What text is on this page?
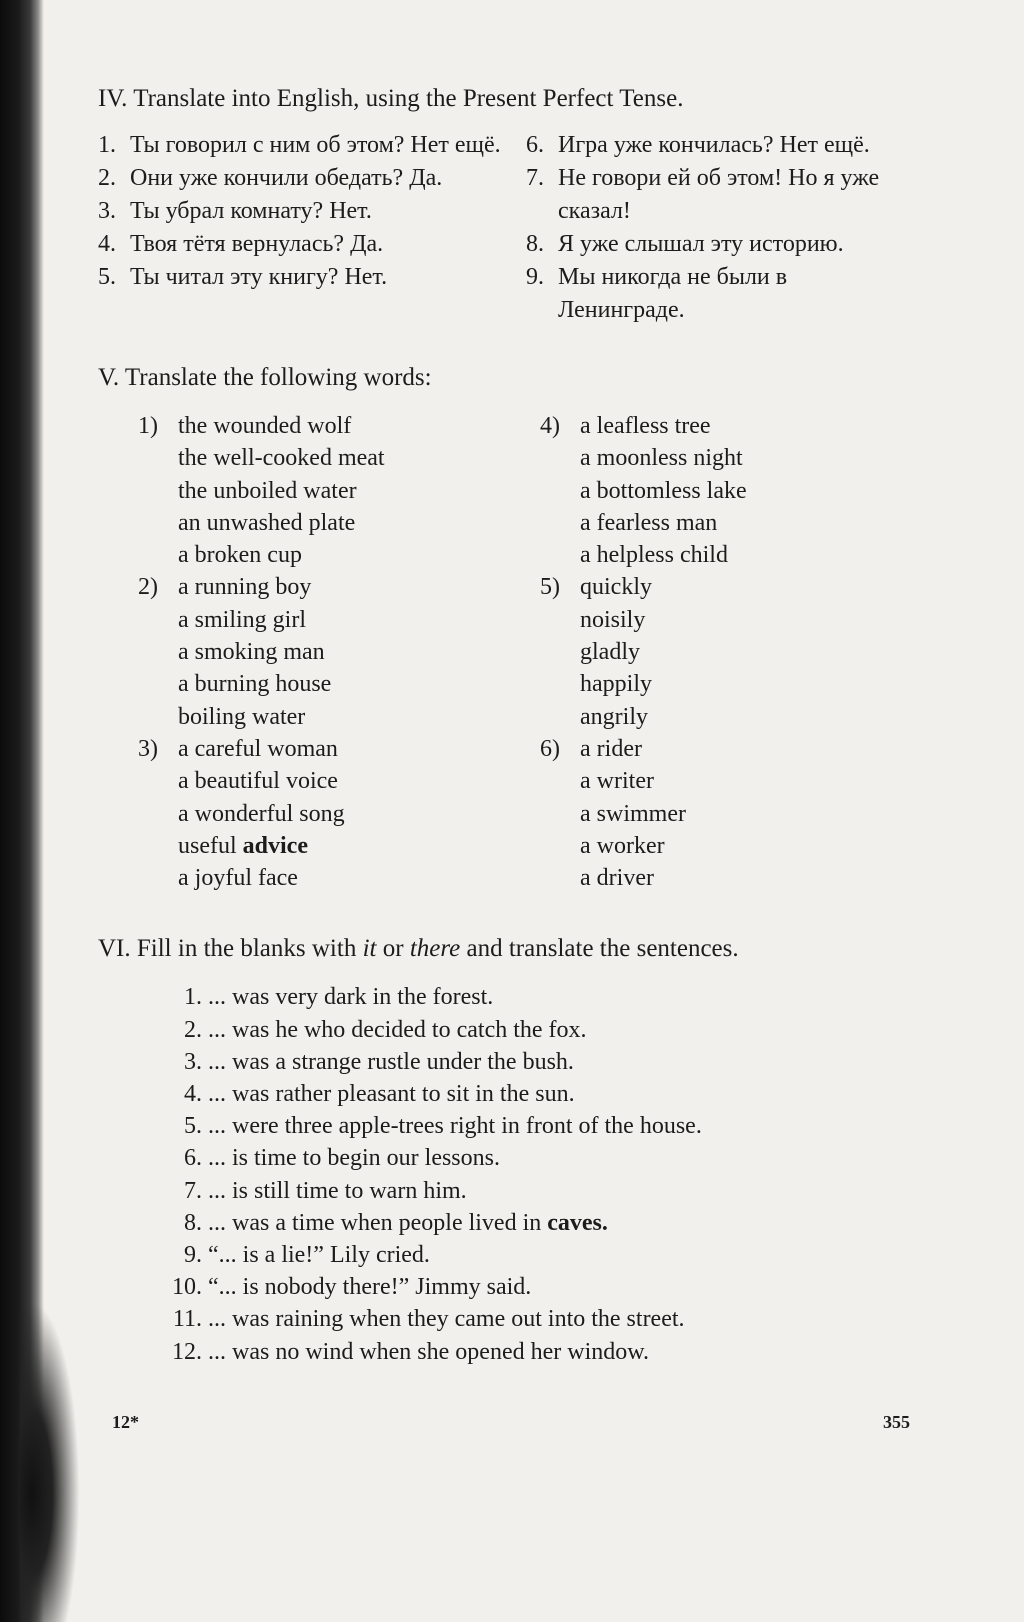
IV. Translate into English, using the Present Perfect Tense.
1. Ты говорил с ним об этом? Нет ещё.
2. Они уже кончили обедать? Да.
3. Ты убрал комнату? Нет.
4. Твоя тётя вернулась? Да.
5. Ты читал эту книгу? Нет.
6. Игра уже кончилась? Нет ещё.
7. Не говори ей об этом! Но я уже сказал!
8. Я уже слышал эту историю.
9. Мы никогда не были в Ленинграде.
V. Translate the following words:
1) the wounded wolf
the well-cooked meat
the unboiled water
an unwashed plate
a broken cup
2) a running boy
a smiling girl
a smoking man
a burning house
boiling water
3) a careful woman
a beautiful voice
a wonderful song
useful advice
a joyful face
4) a leafless tree
a moonless night
a bottomless lake
a fearless man
a helpless child
5) quickly
noisily
gladly
happily
angrily
6) a rider
a writer
a swimmer
a worker
a driver
VI. Fill in the blanks with it or there and translate the sentences.
1. ... was very dark in the forest.
2. ... was he who decided to catch the fox.
3. ... was a strange rustle under the bush.
4. ... was rather pleasant to sit in the sun.
5. ... were three apple-trees right in front of the house.
6. ... is time to begin our lessons.
7. ... is still time to warn him.
8. ... was a time when people lived in caves.
9. “... is a lie!” Lily cried.
10. “... is nobody there!” Jimmy said.
11. ... was raining when they came out into the street.
12. ... was no wind when she opened her window.
12*	355
